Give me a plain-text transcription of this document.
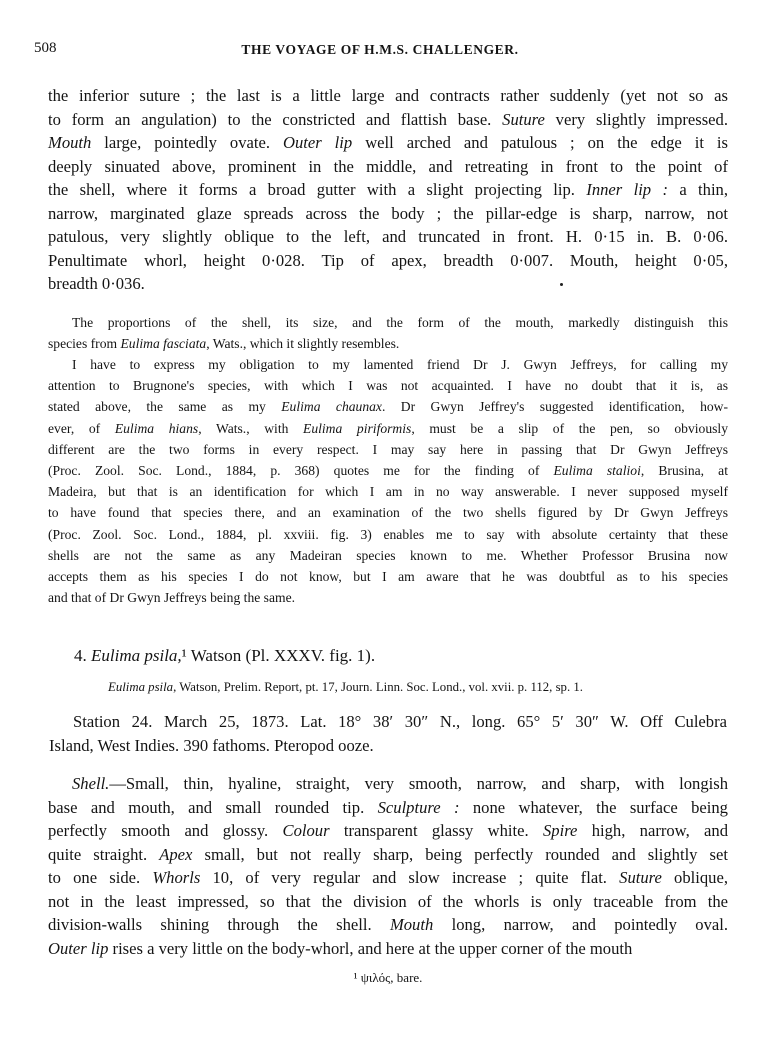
508	THE VOYAGE OF H.M.S. CHALLENGER.
the inferior suture ; the last is a little large and contracts rather suddenly (yet not so as
to form an angulation) to the constricted and flattish base. Suture very slightly impressed.
Mouth large, pointedly ovate. Outer lip well arched and patulous ; on the edge it is
deeply sinuated above, prominent in the middle, and retreating in front to the point of
the shell, where it forms a broad gutter with a slight projecting lip. Inner lip : a thin,
narrow, marginated glaze spreads across the body ; the pillar-edge is sharp, narrow, not
patulous, very slightly oblique to the left, and truncated in front. H. 0·15 in. B. 0·06.
Penultimate whorl, height 0·028. Tip of apex, breadth 0·007. Mouth, height 0·05,
breadth 0·036.
The proportions of the shell, its size, and the form of the mouth, markedly distinguish this
species from Eulima fasciata, Wats., which it slightly resembles.
I have to express my obligation to my lamented friend Dr J. Gwyn Jeffreys, for calling my
attention to Brugnone's species, with which I was not acquainted. I have no doubt that it is, as
stated above, the same as my Eulima chaunax. Dr Gwyn Jeffrey's suggested identification, how-
ever, of Eulima hians, Wats., with Eulima piriformis, must be a slip of the pen, so obviously
different are the two forms in every respect. I may say here in passing that Dr Gwyn Jeffreys
(Proc. Zool. Soc. Lond., 1884, p. 368) quotes me for the finding of Eulima stalioi, Brusina, at
Madeira, but that is an identification for which I am in no way answerable. I never supposed myself
to have found that species there, and an examination of the two shells figured by Dr Gwyn Jeffreys
(Proc. Zool. Soc. Lond., 1884, pl. xxviii. fig. 3) enables me to say with absolute certainty that these
shells are not the same as any Madeiran species known to me. Whether Professor Brusina now
accepts them as his species I do not know, but I am aware that he was doubtful as to his species
and that of Dr Gwyn Jeffreys being the same.
4. Eulima psila,¹ Watson (Pl. XXXV. fig. 1).
Eulima psila, Watson, Prelim. Report, pt. 17, Journ. Linn. Soc. Lond., vol. xvii. p. 112, sp. 1.
Station 24. March 25, 1873. Lat. 18° 38′ 30″ N., long. 65° 5′ 30″ W. Off Culebra
Island, West Indies. 390 fathoms. Pteropod ooze.
Shell.—Small, thin, hyaline, straight, very smooth, narrow, and sharp, with longish
base and mouth, and small rounded tip. Sculpture : none whatever, the surface being
perfectly smooth and glossy. Colour transparent glassy white. Spire high, narrow, and
quite straight. Apex small, but not really sharp, being perfectly rounded and slightly set
to one side. Whorls 10, of very regular and slow increase ; quite flat. Suture oblique,
not in the least impressed, so that the division of the whorls is only traceable from the
division-walls shining through the shell. Mouth long, narrow, and pointedly oval.
Outer lip rises a very little on the body-whorl, and here at the upper corner of the mouth
¹ ψιλός, bare.
